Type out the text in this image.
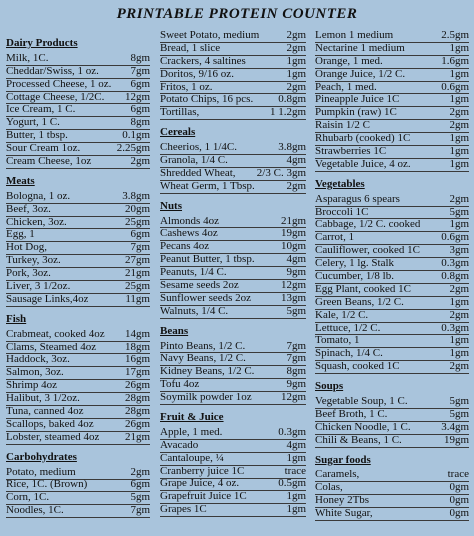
PRINTABLE PROTEIN COUNTER
Dairy Products
Milk, 1C.	8gm
Cheddar/Swiss, 1 oz.	7gm
Processed Cheese, 1 oz. 6gm
Cottage Cheese, 1/2C. 12gm
Ice Cream, 1 C.	6gm
Yogurt, 1 C.	8gm
Butter, 1 tbsp.	0.1gm
Sour Cream 1oz.	2.25gm
Cream Cheese, 1oz	2gm
Meats
Bologna, 1 oz.	3.8gm
Beef, 3oz.	20gm
Chicken, 3oz.	25gm
Egg, 1	6gm
Hot Dog,	7gm
Turkey, 3oz.	27gm
Pork, 3oz.	21gm
Liver, 3 1/2oz.	25gm
Sausage Links,4oz	11gm
Fish
Crabmeat, cooked 4oz 14gm
Clams, Steamed 4oz	18gm
Haddock, 3oz.	16gm
Salmon, 3oz.	17gm
Shrimp 4oz	26gm
Halibut, 3 1/2oz.	28gm
Tuna, canned 4oz	28gm
Scallops, baked 4oz	26gm
Lobster, steamed 4oz 21gm
Carbohydrates
Potato, medium	2gm
Rice, 1C. (Brown)	6gm
Corn, 1C.	5gm
Noodles, 1C.	7gm
Sweet Potato, medium 2gm
Bread, 1 slice	2gm
Crackers, 4 saltines	1gm
Doritos, 9/16 oz.	1gm
Fritos, 1 oz.	2gm
Potato Chips, 16 pcs. 0.8gm
Tortillas,	1 1.2gm
Cereals
Cheerios, 1 1/4C.	3.8gm
Granola, 1/4 C.	4gm
Shredded Wheat, 2/3 C. 3gm
Wheat Germ, 1 Tbsp.	2gm
Nuts
Almonds 4oz	21gm
Cashews 4oz	19gm
Pecans 4oz	10gm
Peanut Butter, 1 tbsp.	4gm
Peanuts, 1/4 C.	9gm
Sesame seeds 2oz	12gm
Sunflower seeds 2oz	13gm
Walnuts, 1/4 C.	5gm
Beans
Pinto Beans, 1/2 C.	7gm
Navy Beans, 1/2 C.	7gm
Kidney Beans, 1/2 C.	8gm
Tofu 4oz	9gm
Soymilk powder 1oz	12gm
Fruit & Juice
Apple, 1 med.	0.3gm
Avacado	4gm
Cantaloupe, ¼	1gm
Cranberry juice 1C	trace
Grape Juice, 4 oz.	0.5gm
Grapefruit Juice 1C	1gm
Grapes 1C	1gm
Lemon 1 medium	2.5gm
Nectarine 1 medium	1gm
Orange, 1 med.	1.6gm
Orange Juice, 1/2 C.	1gm
Peach, 1 med.	0.6gm
Pineapple Juice 1C	1gm
Pumpkin (raw) 1C	2gm
Raisin 1/2 C	2gm
Rhubarb (cooked) 1C	1gm
Strawberries 1C	1gm
Vegetable Juice, 4 oz.	1gm
Vegetables
Asparagus 6 spears	2gm
Broccoli 1C	5gm
Cabbage, 1/2 C. cooked	1gm
Carrot, 1	0.6gm
Cauliflower, cooked 1C	3gm
Celery, 1 lg. Stalk	0.3gm
Cucumber, 1/8 lb.	0.8gm
Egg Plant, cooked 1C	2gm
Green Beans, 1/2 C.	1gm
Kale, 1/2 C.	2gm
Lettuce, 1/2 C.	0.3gm
Tomato, 1	1gm
Spinach, 1/4 C.	1gm
Squash, cooked 1C	2gm
Soups
Vegetable Soup, 1 C.	5gm
Beef Broth, 1 C.	5gm
Chicken Noodle, 1 C.	3.4gm
Chili & Beans, 1 C.	19gm
Sugar foods
Caramels,	trace
Colas,	0gm
Honey 2Tbs	0gm
White Sugar,	0gm
